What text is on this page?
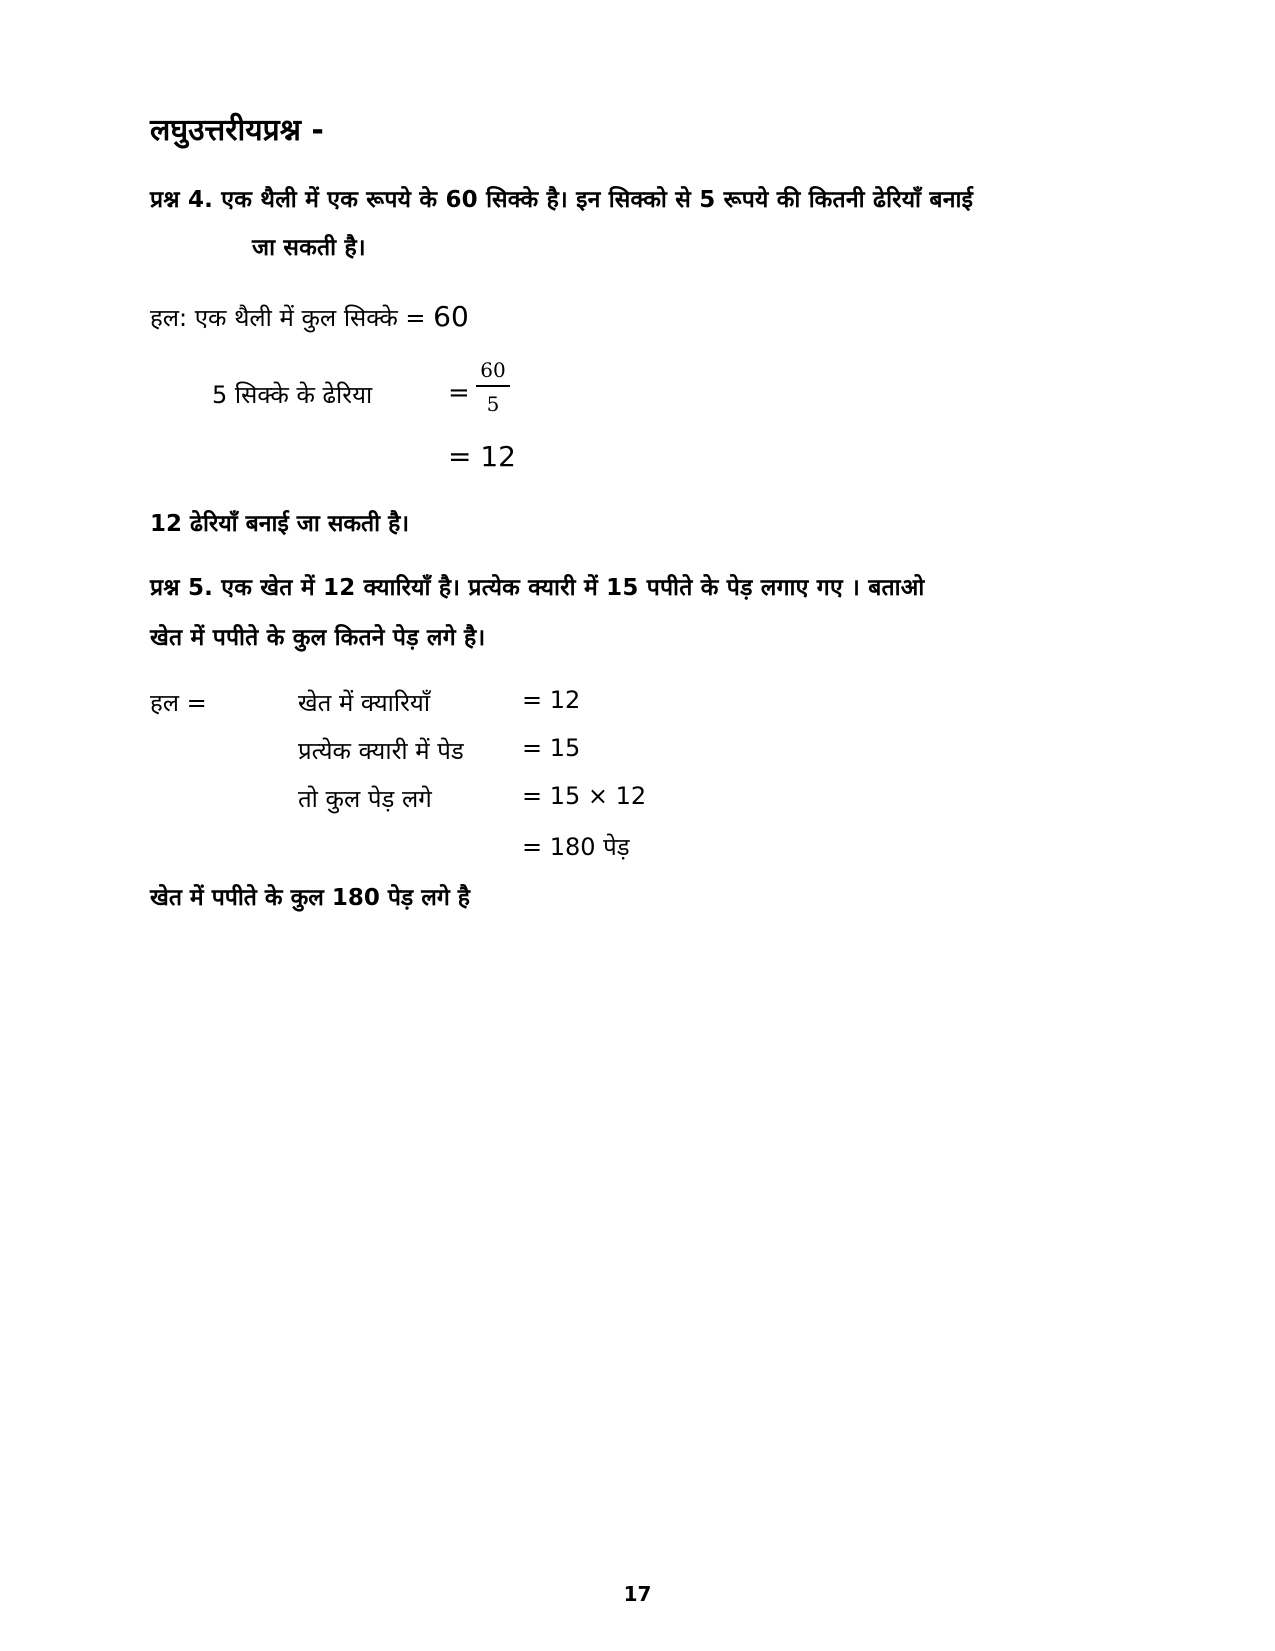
लघुउत्तरीयप्रश्न -
प्रश्न 4. एक थैली में एक रूपये के 60 सिक्के है। इन सिक्को से 5 रूपये की कितनी ढेरियाँ बनाई
जा सकती है।
हल: एक थैली में कुल सिक्के = 60
5 सिक्के के ढेरिया	=
60
5
= 12
12 ढेरियाँ बनाई जा सकती है।
प्रश्न 5. एक खेत में 12 क्यारियाँ है। प्रत्येक क्यारी में 15 पपीते के पेड़ लगाए गए । बताओ
खेत में पपीते के कुल कितने पेड़ लगे है।
हल =	खेत में क्यारियाँ	= 12
प्रत्येक क्यारी में पेड = 15
तो कुल पेड़ लगे	= 15 × 12
= 180 पेड़
खेत में पपीते के कुल 180 पेड़ लगे है
17
